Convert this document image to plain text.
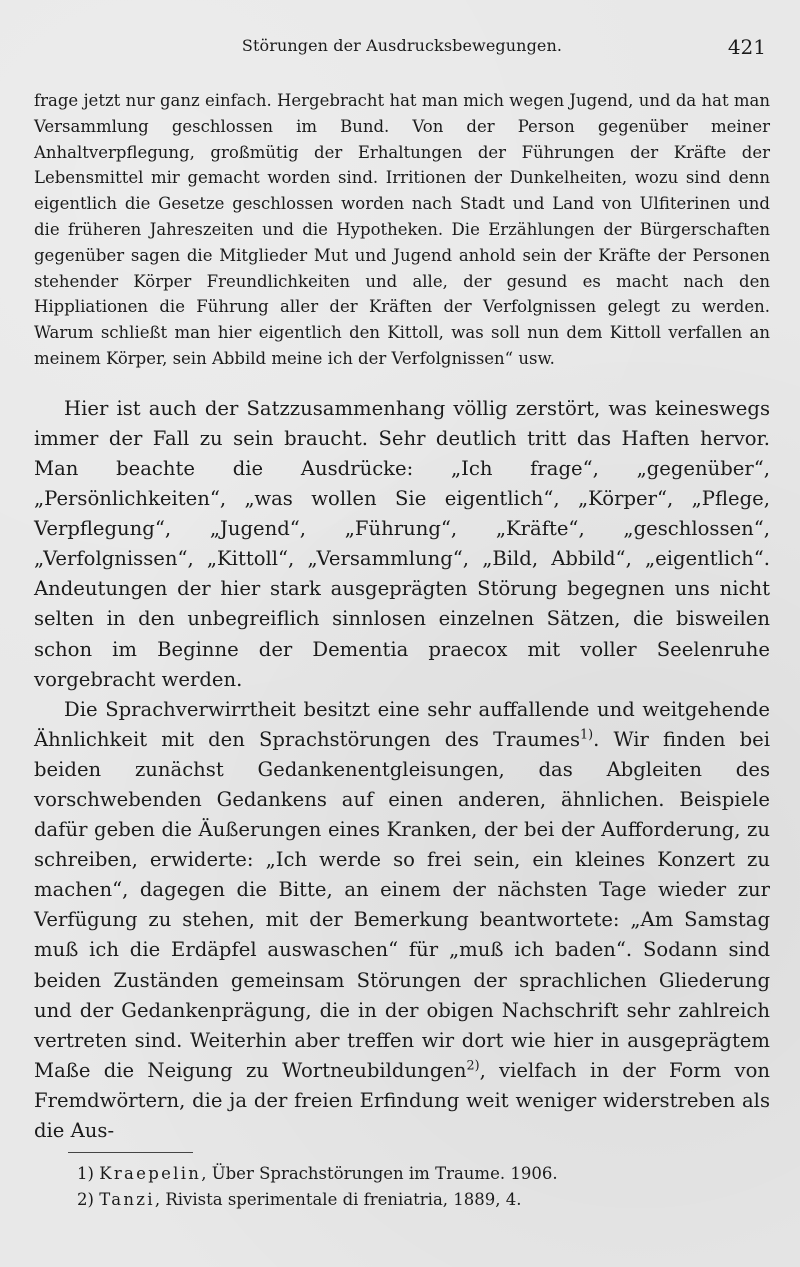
Störungen der Ausdrucksbewegungen.	421
frage jetzt nur ganz einfach. Hergebracht hat man mich wegen Jugend, und da hat man Versammlung geschlossen im Bund. Von der Person gegenüber meiner Anhaltverpflegung, großmütig der Erhaltungen der Führungen der Kräfte der Lebensmittel mir gemacht worden sind. Irritionen der Dunkelheiten, wozu sind denn eigentlich die Gesetze geschlossen worden nach Stadt und Land von Ulfiterinen und die früheren Jahreszeiten und die Hypotheken. Die Erzählungen der Bürgerschaften gegenüber sagen die Mitglieder Mut und Jugend anhold sein der Kräfte der Personen stehender Körper Freundlichkeiten und alle, der gesund es macht nach den Hippliationen die Führung aller der Kräften der Verfolgnissen gelegt zu werden. Warum schließt man hier eigentlich den Kittoll, was soll nun dem Kittoll verfallen an meinem Körper, sein Abbild meine ich der Verfolgnissen“ usw.

Hier ist auch der Satzzusammenhang völlig zerstört, was keineswegs immer der Fall zu sein braucht. Sehr deutlich tritt das Haften hervor. Man beachte die Ausdrücke: „Ich frage“, „gegenüber“, „Persönlichkeiten“, „was wollen Sie eigentlich“, „Körper“, „Pflege, Verpflegung“, „Jugend“, „Führung“, „Kräfte“, „geschlossen“, „Verfolgnissen“, „Kittoll“, „Versammlung“, „Bild, Abbild“, „eigentlich“. Andeutungen der hier stark ausgeprägten Störung begegnen uns nicht selten in den unbegreiflich sinnlosen einzelnen Sätzen, die bisweilen schon im Beginne der Dementia praecox mit voller Seelenruhe vorgebracht werden.

Die Sprachverwirrtheit besitzt eine sehr auffallende und weitgehende Ähnlichkeit mit den Sprachstörungen des Traumes$^{1)}$. Wir finden bei beiden zunächst Gedankenentgleisungen, das Abgleiten des vorschwebenden Gedankens auf einen anderen, ähnlichen. Beispiele dafür geben die Äußerungen eines Kranken, der bei der Aufforderung, zu schreiben, erwiderte: „Ich werde so frei sein, ein kleines Konzert zu machen“, dagegen die Bitte, an einem der nächsten Tage wieder zur Verfügung zu stehen, mit der Bemerkung beantwortete: „Am Samstag muß ich die Erdäpfel auswaschen“ für „muß ich baden“. Sodann sind beiden Zuständen gemeinsam Störungen der sprachlichen Gliederung und der Gedankenprägung, die in der obigen Nachschrift sehr zahlreich vertreten sind. Weiterhin aber treffen wir dort wie hier in ausgeprägtem Maße die Neigung zu Wortneubildungen$^{2)}$, vielfach in der Form von Fremdwörtern, die ja der freien Erfindung weit weniger widerstreben als die Aus-

1) Kraepelin, Über Sprachstörungen im Traume. 1906.
2) Tanzi, Rivista sperimentale di freniatria, 1889, 4.
